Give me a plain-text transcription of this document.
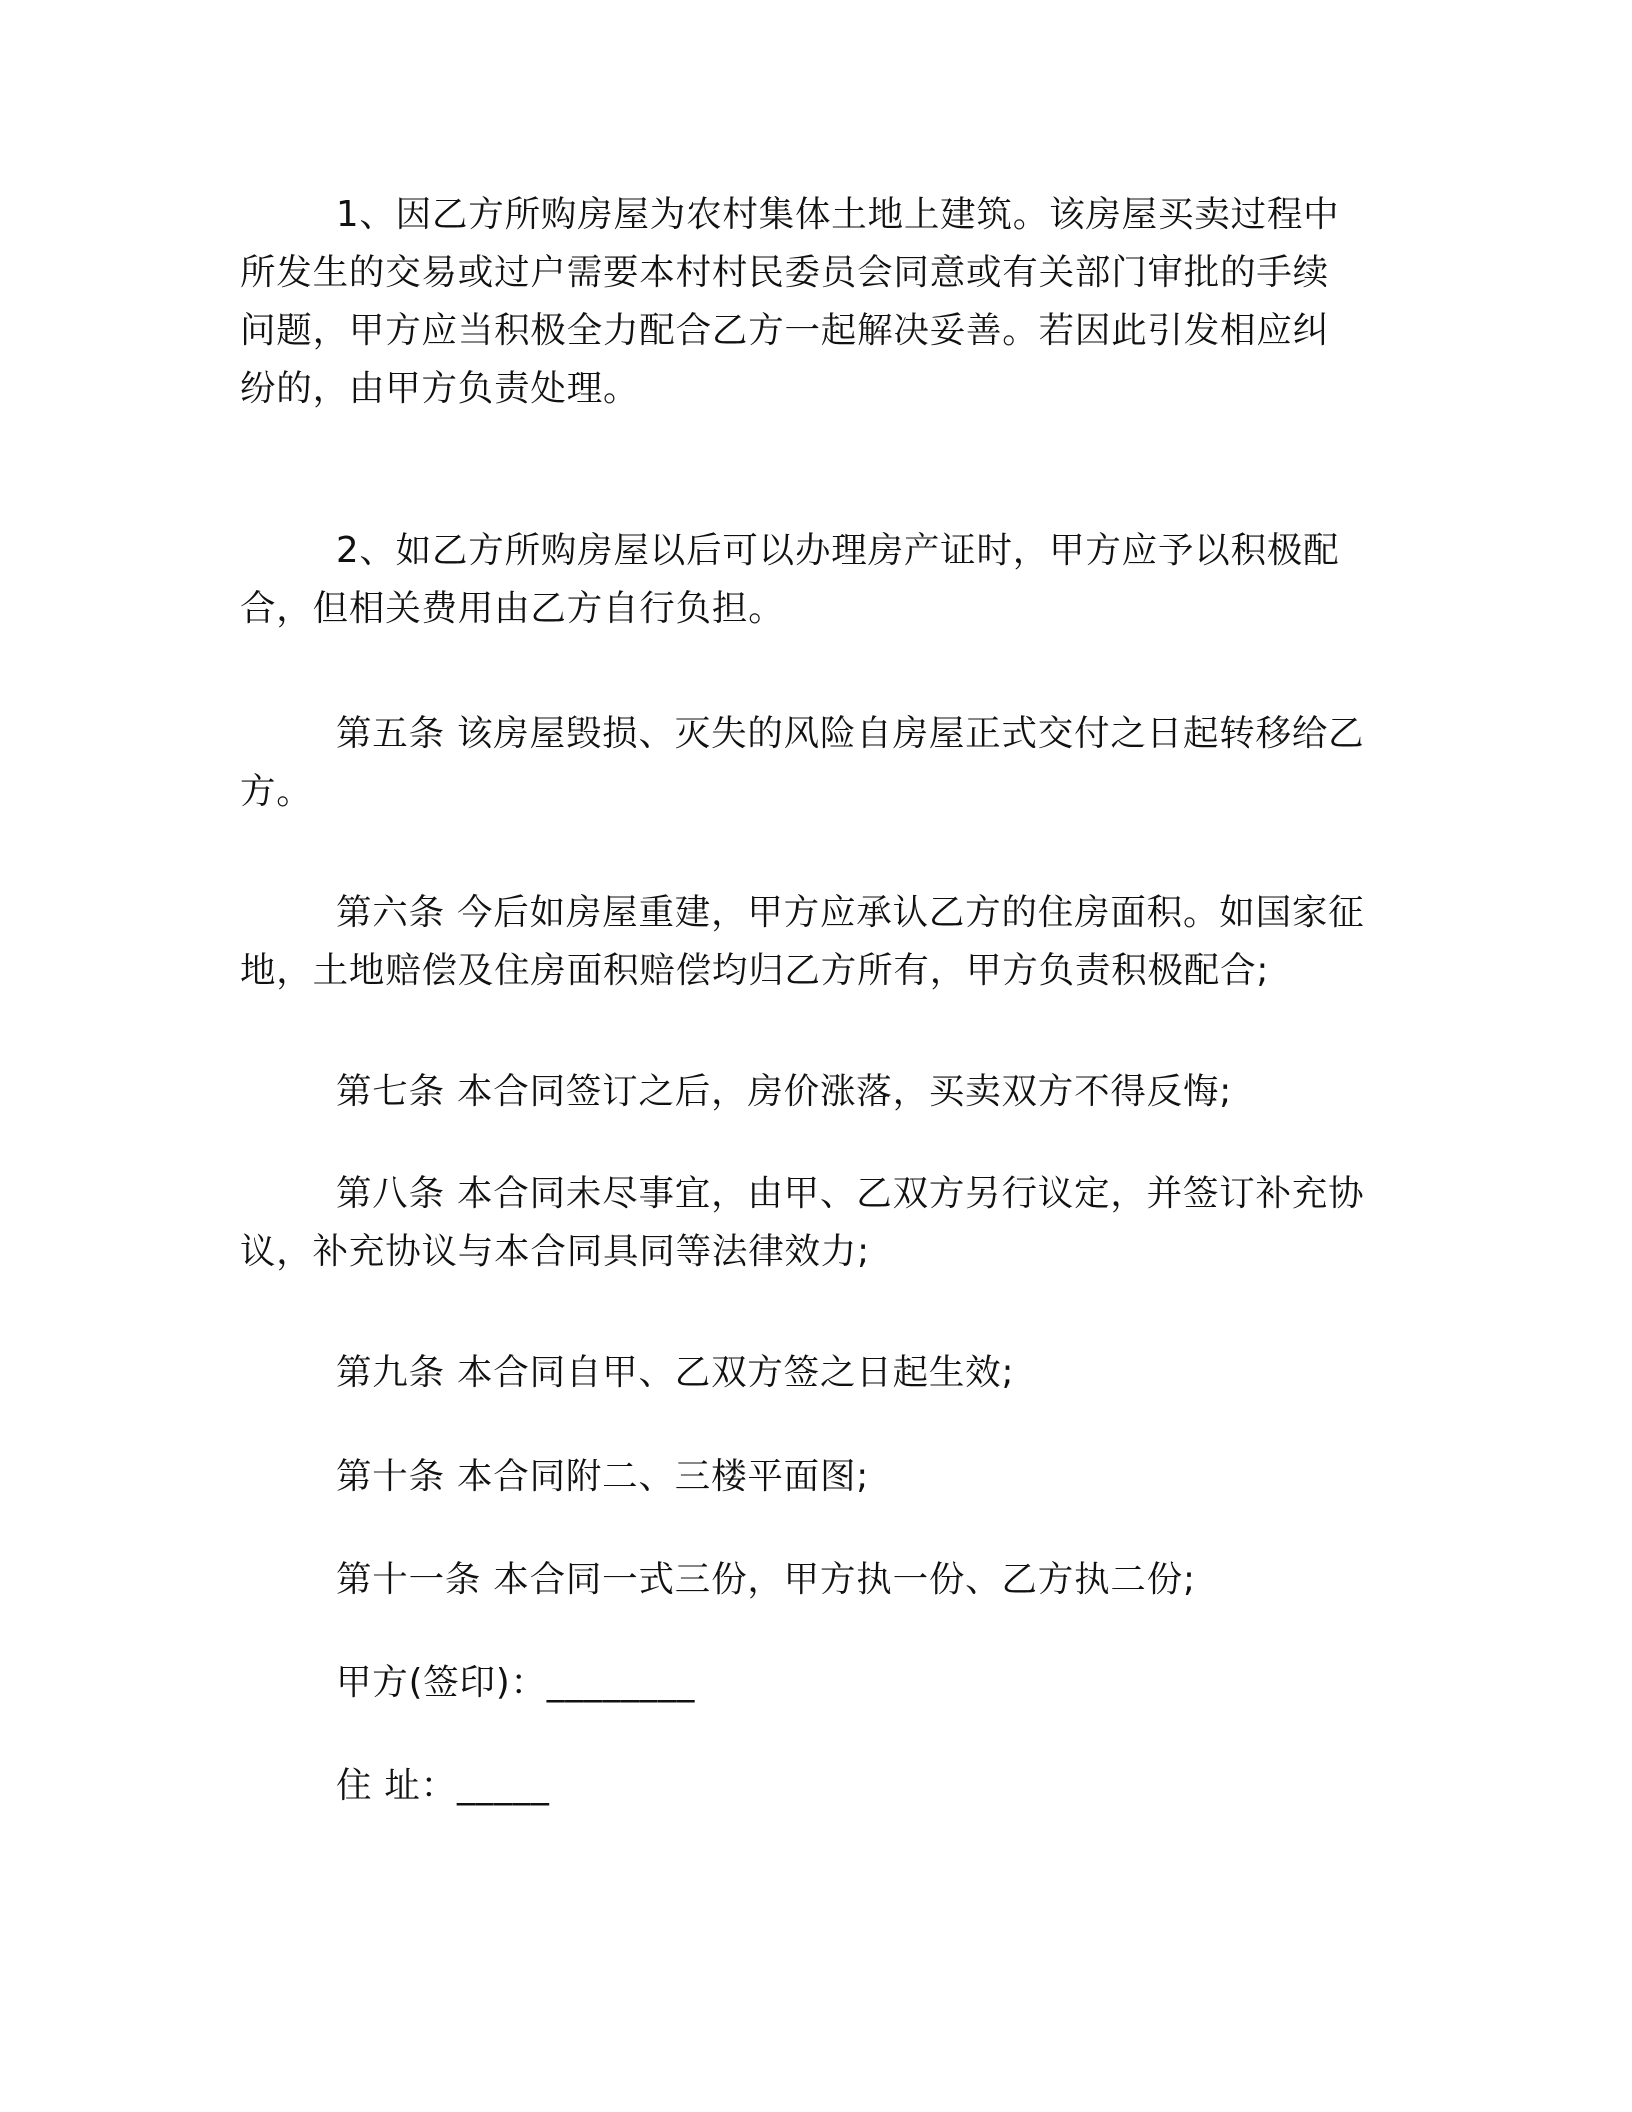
1、因乙方所购房屋为农村集体土地上建筑。该房屋买卖过程中
所发生的交易或过户需要本村村民委员会同意或有关部门审批的手续
问题，甲方应当积极全力配合乙方一起解决妥善。若因此引发相应纠
纷的，由甲方负责处理。
2、如乙方所购房屋以后可以办理房产证时，甲方应予以积极配
合，但相关费用由乙方自行负担。
第五条 该房屋毁损、灭失的风险自房屋正式交付之日起转移给乙
方。
第六条 今后如房屋重建，甲方应承认乙方的住房面积。如国家征
地，土地赔偿及住房面积赔偿均归乙方所有，甲方负责积极配合;

第七条 本合同签订之后，房价涨落，买卖双方不得反悔;

第八条 本合同未尽事宜，由甲、乙双方另行议定，并签订补充协
议，补充协议与本合同具同等法律效力;

第九条 本合同自甲、乙双方签之日起生效;

第十条 本合同附二、三楼平面图;

第十一条 本合同一式三份，甲方执一份、乙方执二份;

甲方(签印)：________

住 址：_____
